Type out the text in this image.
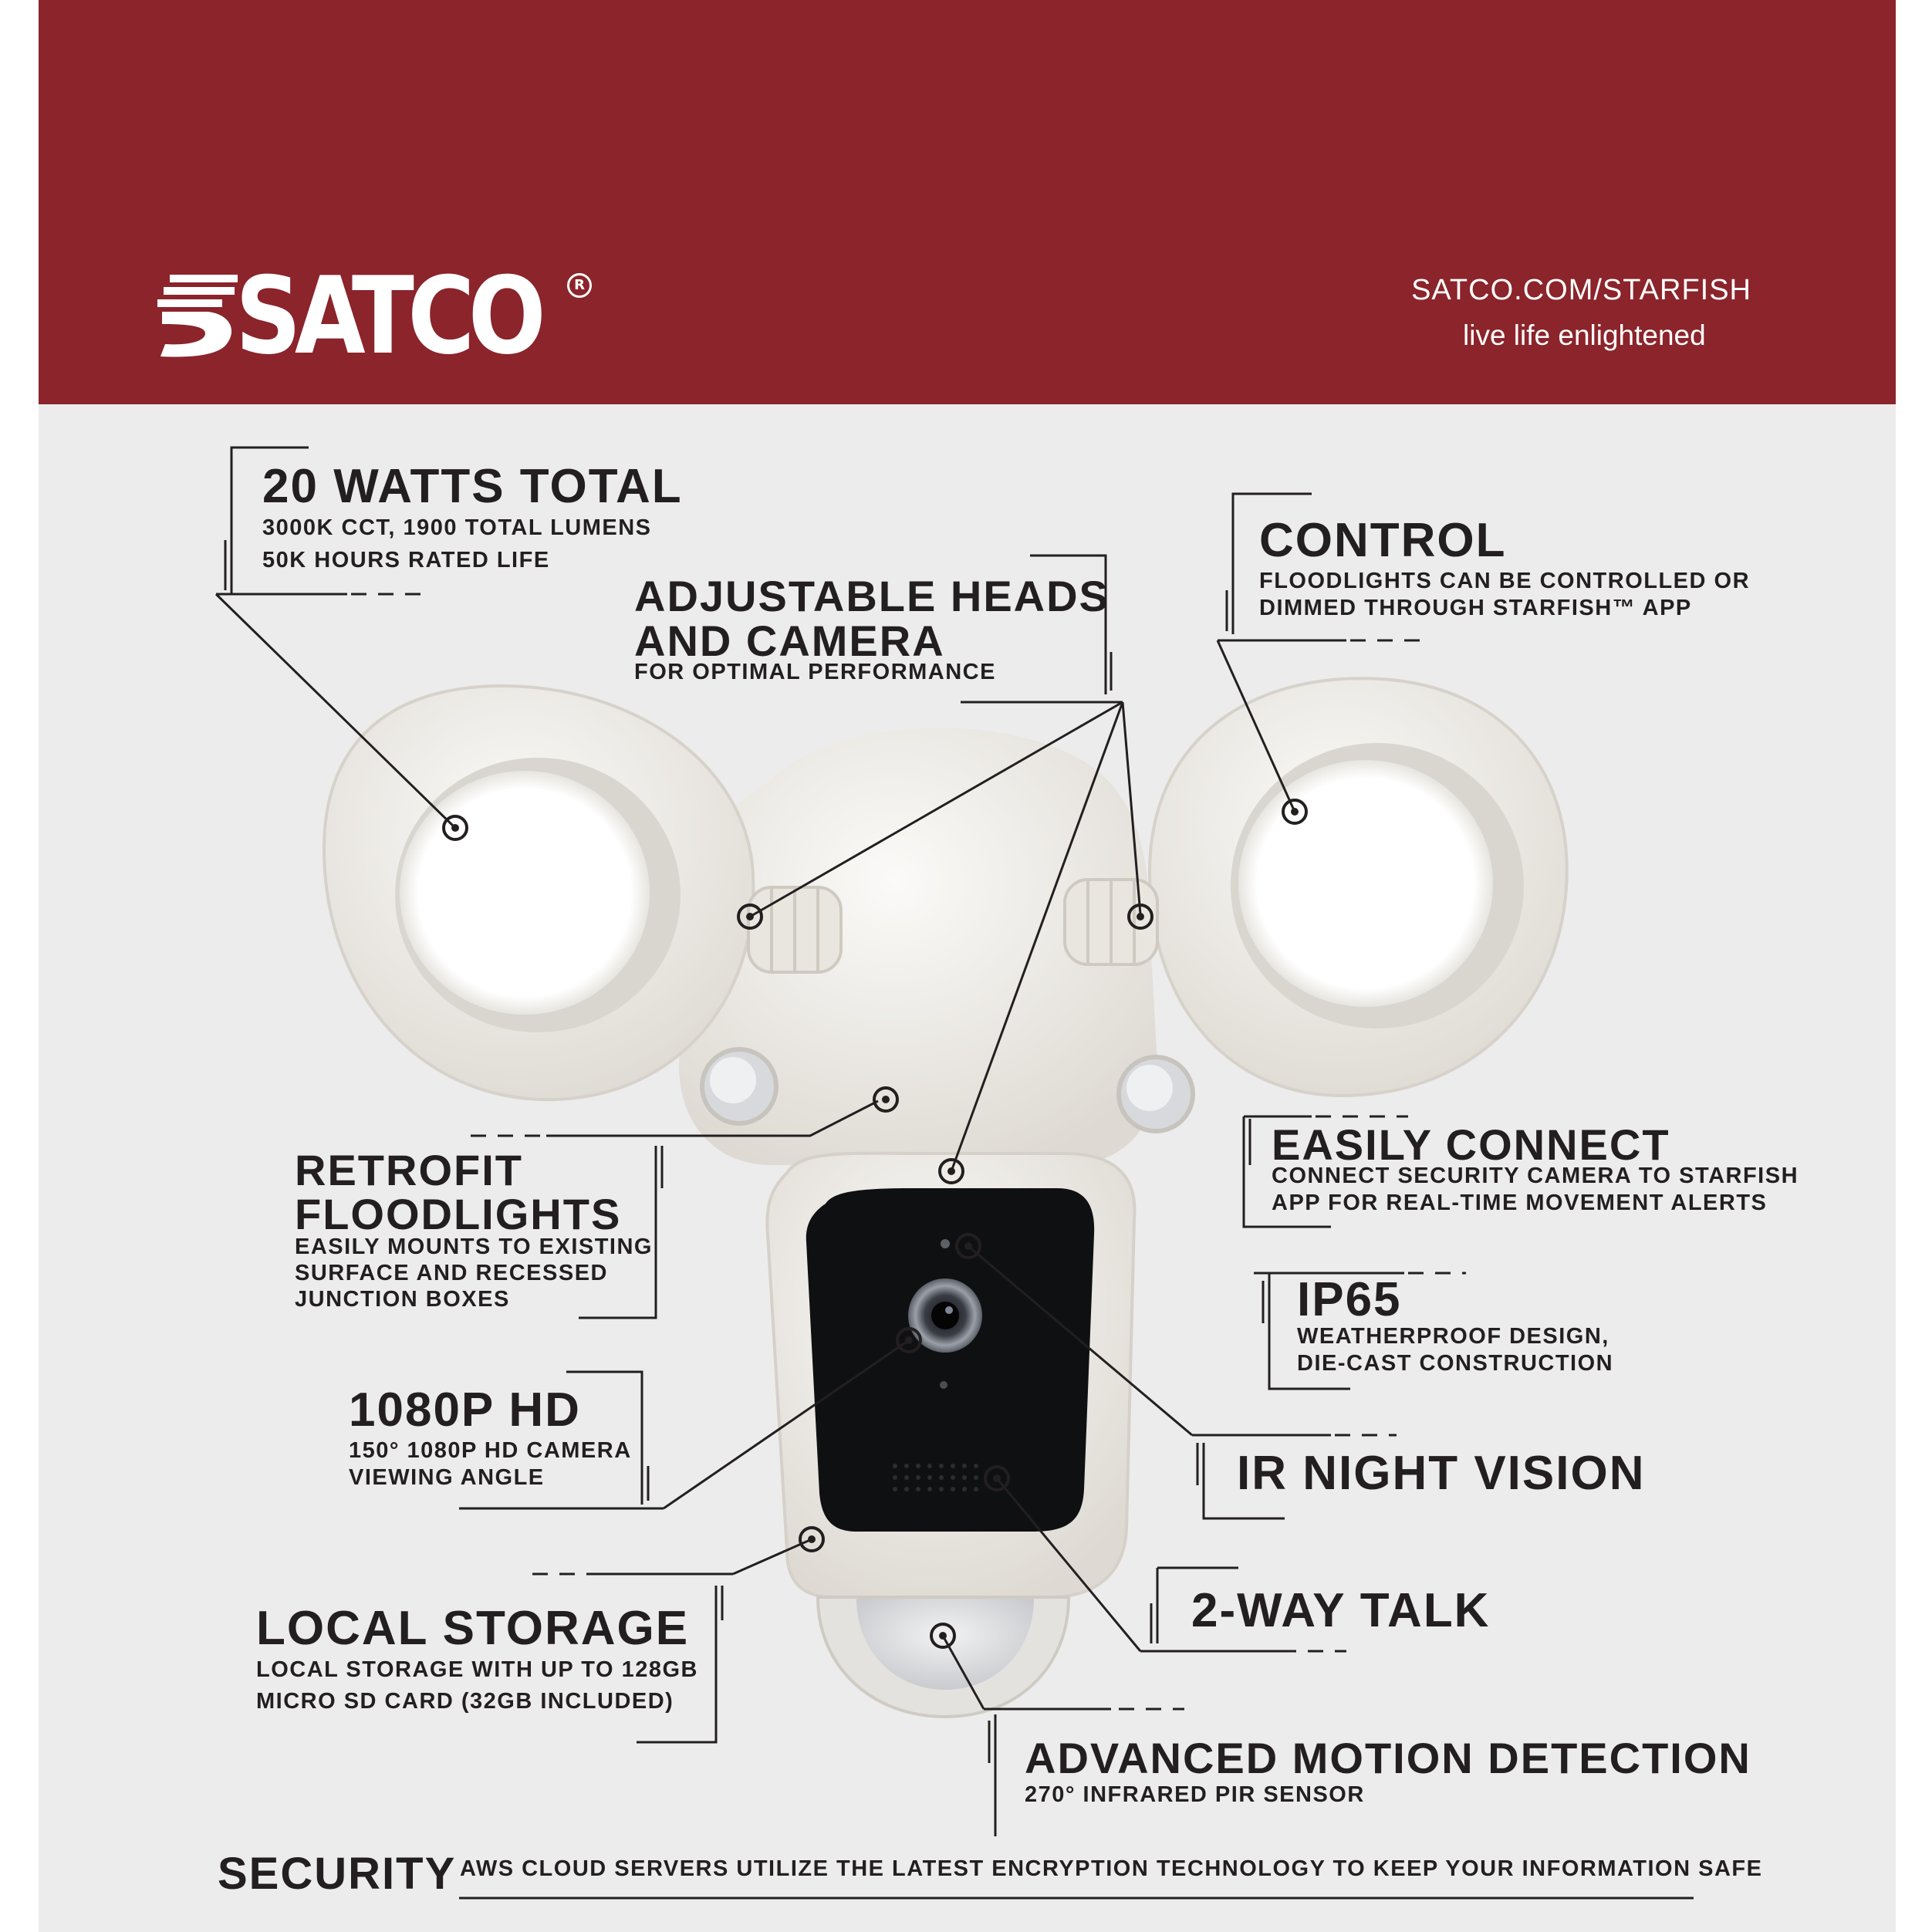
SATCO	R	SATCO.COM/STARFISH
live life enlightened
20 WATTS TOTAL
3000K CCT, 1900 TOTAL LUMENS
50K HOURS RATED LIFE
ADJUSTABLE HEADS
AND CAMERA
FOR OPTIMAL PERFORMANCE
CONTROL
FLOODLIGHTS CAN BE CONTROLLED OR
DIMMED THROUGH STARFISH™ APP
RETROFIT
FLOODLIGHTS
EASILY MOUNTS TO EXISTING
SURFACE AND RECESSED
JUNCTION BOXES
EASILY CONNECT
CONNECT SECURITY CAMERA TO STARFISH
APP FOR REAL-TIME MOVEMENT ALERTS
IP65
WEATHERPROOF DESIGN,
DIE-CAST CONSTRUCTION
1080P HD
150° 1080P HD CAMERA
VIEWING ANGLE	IR NIGHT VISION
2-WAY TALK
LOCAL STORAGE
LOCAL STORAGE WITH UP TO 128GB
MICRO SD CARD (32GB INCLUDED)
ADVANCED MOTION DETECTION
270° INFRARED PIR SENSOR
SECURITY AWS CLOUD SERVERS UTILIZE THE LATEST ENCRYPTION TECHNOLOGY TO KEEP YOUR INFORMATION SAFE
